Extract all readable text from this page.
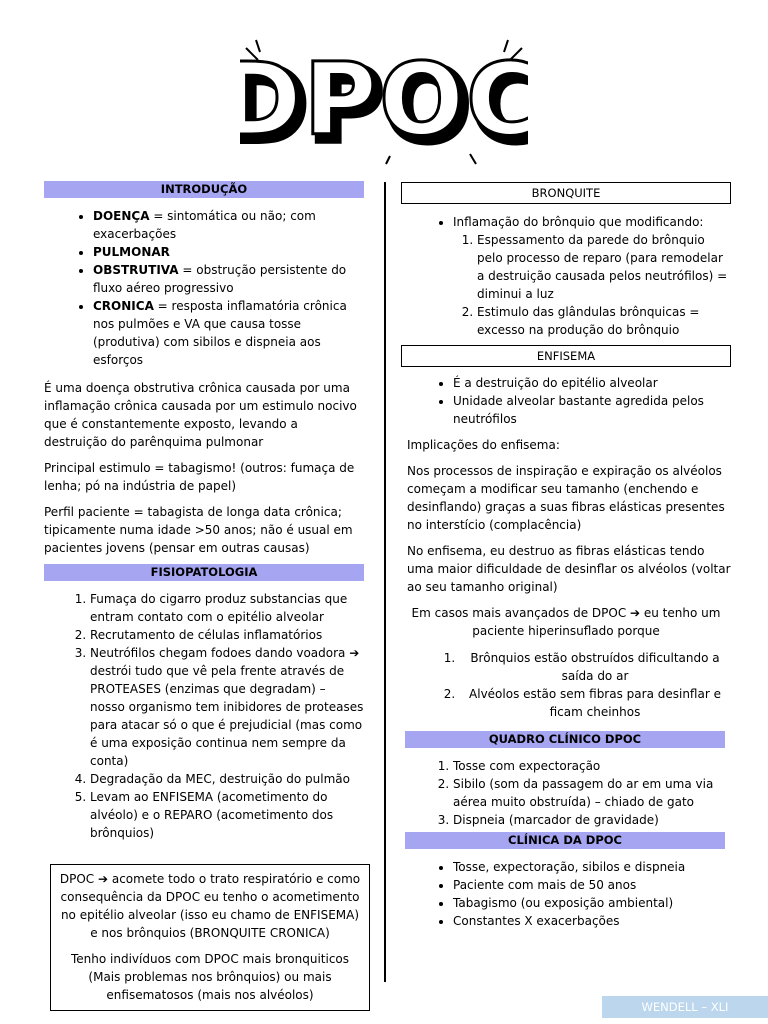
DPOC
DPOC
INTRODUÇÃO
• DOENÇA = sintomática ou não; com exacerbações
• PULMONAR
• OBSTRUTIVA = obstrução persistente do fluxo aéreo progressivo
• CRONICA = resposta inflamatória crônica nos pulmões e VA que causa tosse (produtiva) com sibilos e dispneia aos esforços

É uma doença obstrutiva crônica causada por uma inflamação crônica causada por um estimulo nocivo que é constantemente exposto, levando a destruição do parênquima pulmonar

Principal estimulo = tabagismo! (outros: fumaça de lenha; pó na indústria de papel)

Perfil paciente = tabagista de longa data crônica; tipicamente numa idade >50 anos; não é usual em pacientes jovens (pensar em outras causas)

FISIOPATOLOGIA
1. Fumaça do cigarro produz substancias que entram contato com o epitélio alveolar
2. Recrutamento de células inflamatórios
3. Neutrófilos chegam fodoes dando voadora ➔ destrói tudo que vê pela frente através de PROTEASES (enzimas que degradam) – nosso organismo tem inibidores de proteases para atacar só o que é prejudicial (mas como é uma exposição continua nem sempre da conta)
4. Degradação da MEC, destruição do pulmão
5. Levam ao ENFISEMA (acometimento do alvéolo) e o REPARO (acometimento dos brônquios)

DPOC ➔ acomete todo o trato respiratório e como consequência da DPOC eu tenho o acometimento no epitélio alveolar (isso eu chamo de ENFISEMA) e nos brônquios (BRONQUITE CRONICA)

Tenho indivíduos com DPOC mais bronquiticos (Mais problemas nos brônquios) ou mais enfisematosos (mais nos alvéolos)

BRONQUITE
• Inflamação do brônquio que modificando:
1. Espessamento da parede do brônquio pelo processo de reparo (para remodelar a destruição causada pelos neutrófilos) = diminui a luz
2. Estimulo das glândulas brônquicas = excesso na produção do brônquio
ENFISEMA
• É a destruição do epitélio alveolar
• Unidade alveolar bastante agredida pelos neutrófilos

Implicações do enfisema:

Nos processos de inspiração e expiração os alvéolos começam a modificar seu tamanho (enchendo e desinflando) graças a suas fibras elásticas presentes no interstício (complacência)

No enfisema, eu destruo as fibras elásticas tendo uma maior dificuldade de desinflar os alvéolos (voltar ao seu tamanho original)

Em casos mais avançados de DPOC ➔ eu tenho um paciente hiperinsuflado porque

1. Brônquios estão obstruídos dificultando a saída do ar
2. Alvéolos estão sem fibras para desinflar e ficam cheinhos
QUADRO CLÍNICO DPOC
1. Tosse com expectoração
2. Sibilo (som da passagem do ar em uma via aérea muito obstruída) – chiado de gato
3. Dispneia (marcador de gravidade)
CLÍNICA DA DPOC
• Tosse, expectoração, sibilos e dispneia
• Paciente com mais de 50 anos
• Tabagismo (ou exposição ambiental)
• Constantes X exacerbações
WENDELL – XLI
